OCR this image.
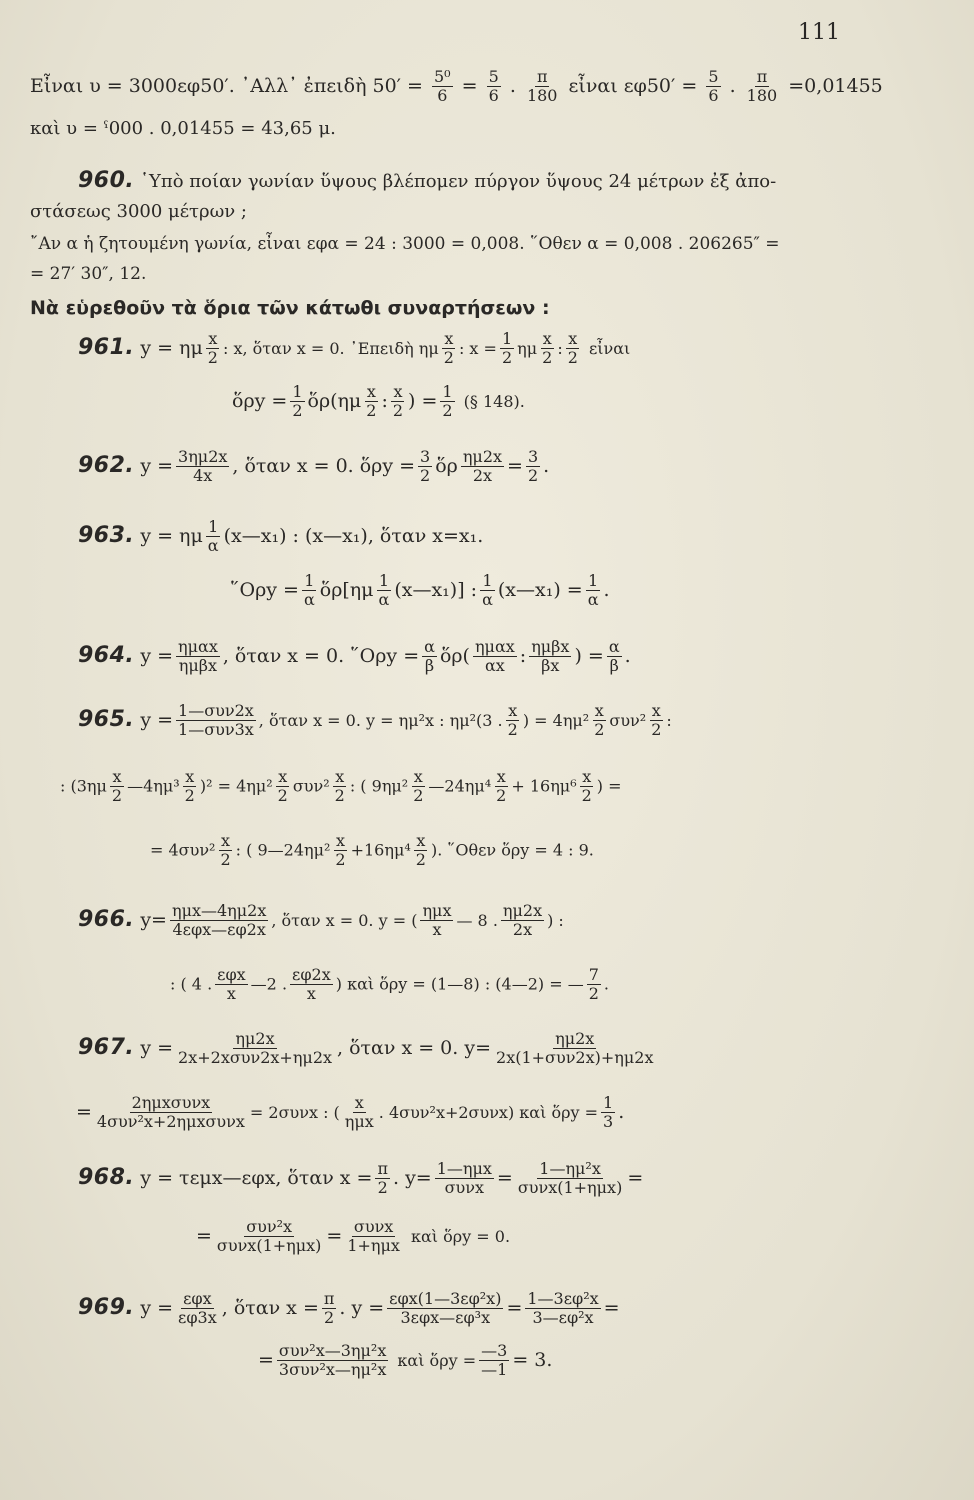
111
Εἶναι υ = 3000εφ50′. ᾿Αλλ᾿ ἐπειδὴ $50' = \frac{\text{5⁰}}{6} = \frac{5}{6}$ . $\frac{\pi}{180}$ εἶναι $\varepsilon\varphi 50' = \frac{5}{6}$ . $\frac{\pi}{180} =0,01455$
καὶ υ = ˁ000 . 0,01455 = 43,65 μ.
960. ῾Υπὸ ποίαν γωνίαν ὕψους βλέπομεν πύργον ὕψους 24 μέτρων ἐξ ἀπο-
στάσεως 3000 μέτρων ;
῎Αν α ἡ ζητουμένη γωνία, εἶναι εφα = 24 : 3000 = 0,008. ῞Οθεν α = 0,008 . 206265″ =
= 27′ 30″, 12.
Νὰ εὑρεθοῦν τὰ ὅρια τῶν κάτωθι συναρτήσεων :
961. y = ημ $\frac{x}{2}$ : x, ὅταν x = 0. ᾿Επειδὴ ημ $\frac{x}{2}$ : $x = \frac{1}{2}$ ημ $\frac{x}{2}$ : $\frac{x}{2}$ εἶναι
ὅρy = $\frac{1}{2}$ ὅρ(ημ $\frac{x}{2}$ : $\frac{x}{2}$ ) = $\frac{1}{2}$ (§ 148).
962. $y = \frac{3\eta\mu 2x}{4x}$ , ὅταν x = 0. ὅρy = $\frac{3}{2}$ ὅρ $\frac{\eta\mu 2x}{2x} = \frac{3}{2}$ .
963. y = ημ $\frac{1}{\alpha}$ (x—x₁) : (x—x₁), ὅταν x=x₁.
῞Ορy = $\frac{1}{\alpha}$ ὅρ[ημ $\frac{1}{\alpha}$ (x—x₁)] : $\frac{1}{\alpha}$ (x—x₁) = $\frac{1}{\alpha}$ .
964. $y = \frac{\text{ημαx}}{\text{ημβx}}$ , ὅταν x = 0. ῞Ορy = $\frac{\alpha}{\beta}$ ὅρ( $\frac{\text{ημαx}}{\alpha x}$ : $\frac{\text{ημβx}}{\beta x}$ ) = $\frac{\alpha}{\beta}$ .
965. $y = \frac{\text{1—συν2x}}{\text{1—συν3x}}$ , ὅταν x = 0. y = ημ²x : ημ²(3 . $\frac{x}{2}$ ) = $4\eta\mu^2 \frac{x}{2} \sigma\upsilon\nu^2 \frac{x}{2}$ :
: ($3\eta\mu \frac{x}{2}$ —4ημ³ $\frac{x}{2} )^2 = 4\eta\mu^2 \frac{x}{2} \sigma\upsilon\nu^2 \frac{x}{2}$ : ( $9\eta\mu^2 \frac{x}{2}$ —24ημ⁴ $\frac{x}{2} + 16\eta\mu^6 \frac{x}{2}$ ) =
= $4\sigma\upsilon\nu^2 \frac{x}{2}$ : ( 9—24ημ² $\frac{x}{2} +16\eta\mu^4 \frac{x}{2}$ ). ῞Οθεν ὅρy = 4 : 9.
966. $y= \frac{\text{ημx—4ημ2x}}{\text{4εφx—εφ2x}}$ , ὅταν x = 0. y = ( $\frac{\text{ημx}}{x}$ — 8 . $\frac{\eta\mu 2x}{2x}$ ) :
: ( 4 . $\frac{\text{εφx}}{x}$ —2 . $\frac{\varepsilon\varphi 2x}{x}$ ) καὶ ὅρy = (1—8) : (4—2) = — $\frac{7}{2}$ .
967. $y = \frac{\eta\mu 2x}{\text{2x+2xσυν2x+ημ2x}}$ , ὅταν x = 0. $y= \frac{\eta\mu 2x}{\text{2x(1+συν2x)+ημ2x}}$
= $\frac{\text{2ημxσυνx}}{\text{4συν²x+2ημxσυνx}} = 2\sigma\upsilon\nu x$ : ( $\frac{x}{\text{ημx}}$ . 4συν²x+2συνx) καὶ ὅρy = $\frac{1}{3}$ .
968. y = τεμx—εφx, ὅταν $x = \frac{\pi}{2}$ . $y= \frac{\text{1—ημx}}{\text{συνx}} = \frac{\text{1—ημ²x}}{\text{συνx(1+ημx)}}$ =
= $\frac{\text{συν²x}}{\text{συνx(1+ημx)}} = \frac{\text{συνx}}{\text{1+ημx}}$ καὶ ὅρy = 0.
969. $y = \frac{\text{εφx}}{\varepsilon\varphi 3x}$ , ὅταν $x = \frac{\pi}{2}$ . $y = \frac{\text{εφx(1—3εφ²x)}}{\text{3εφx—εφ³x}} = \frac{\text{1—3εφ²x}}{\text{3—εφ²x}}$ =
= $\frac{\text{συν²x—3ημ²x}}{\text{3συν²x—ημ²x}}$ καὶ ὅρy = $\frac{—3}{—1} = 3$.
